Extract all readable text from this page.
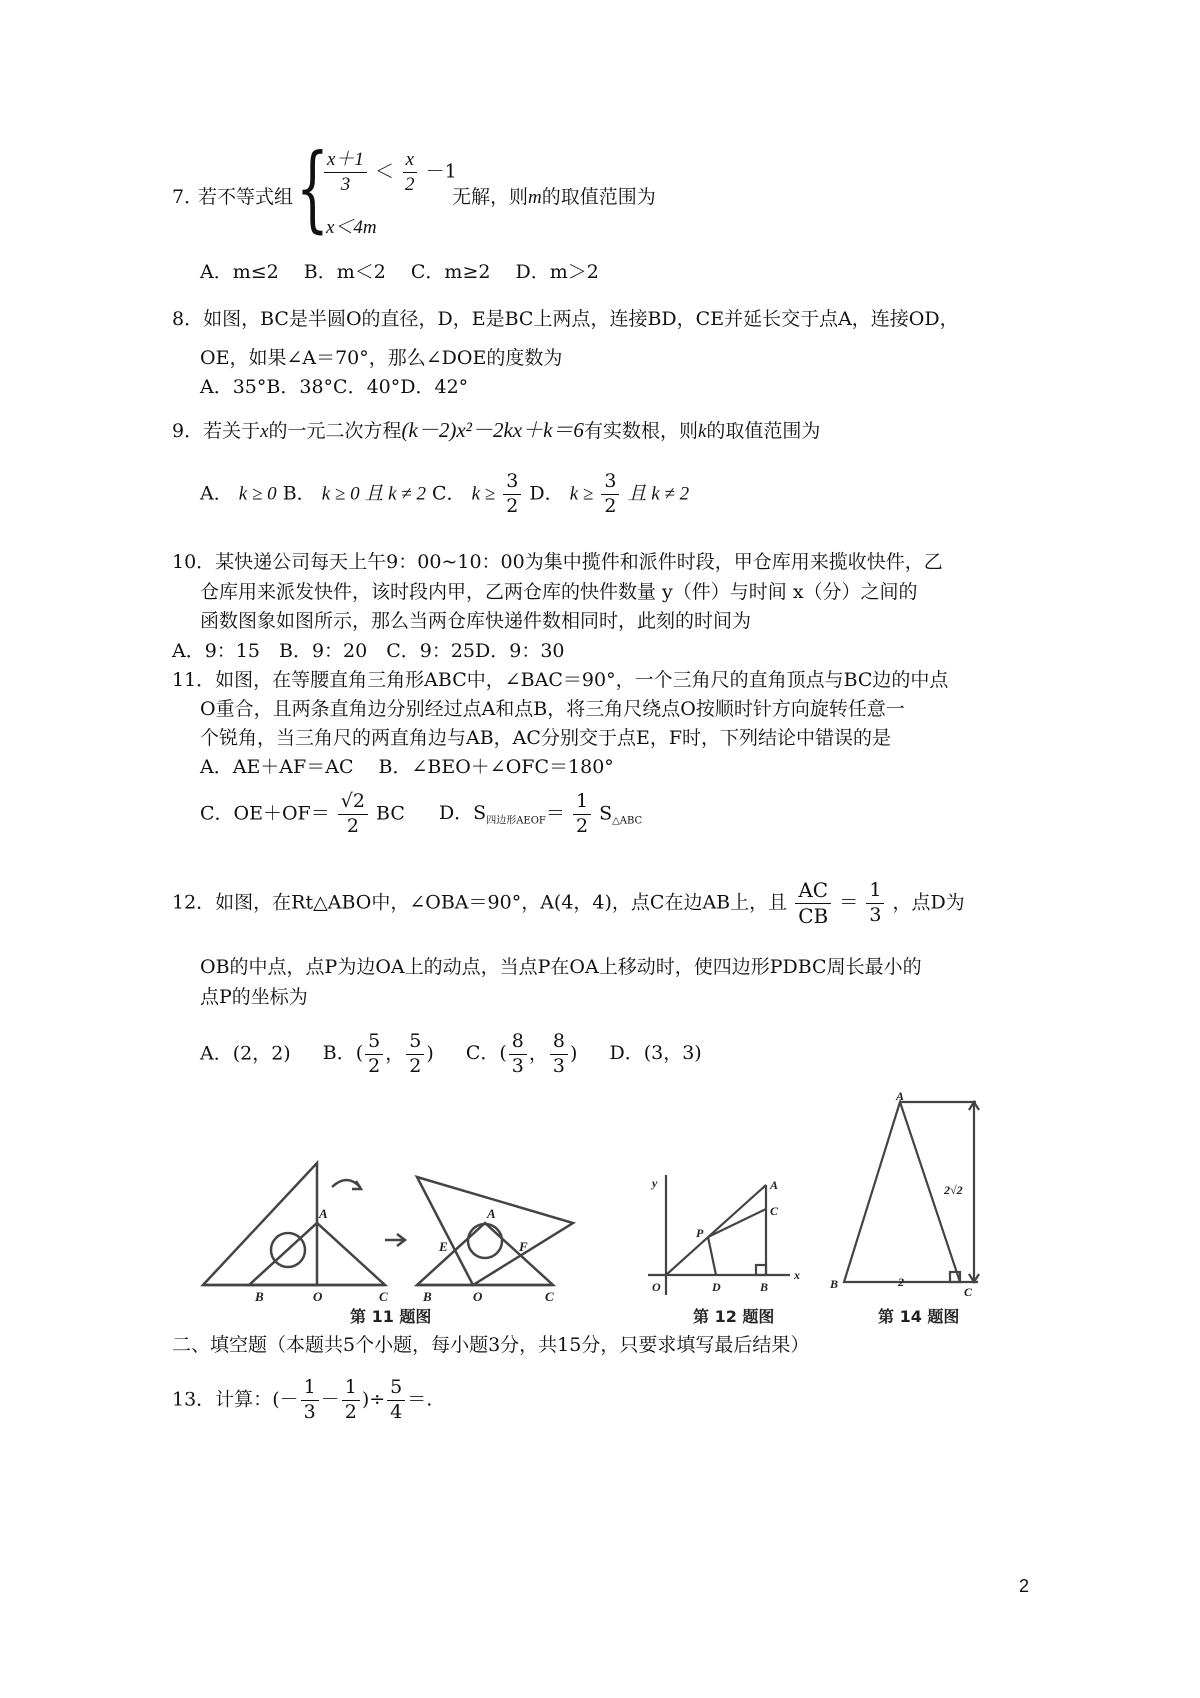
7．
若不等式组 {
$\frac{x+1}{3} < \frac{x}{2} -1$
x＜4m
无解，则m的取值范围为
A．m≤2　 B．m＜2　 C．m≥2　 D．m＞2
8．如图，BC是半圆O的直径，D，E是BC上两点，连接BD，CE并延长交于点A，连接OD，
OE，如果∠A＝70°，那么∠DOE的度数为
A．35°B．38°C．40°D．42°
9．若关于x的一元二次方程(k－2)x²－2kx＋k＝6有实数根，则k的取值范围为
A． k ≥ 0 B． k ≥ 0 且 k ≠ 2 C． $k \ge \frac{3}{2}$ D． $k \ge \frac{3}{2}$ 且 k ≠ 2
10．某快递公司每天上午9：00~10：00为集中揽件和派件时段，甲仓库用来揽收快件，乙
仓库用来派发快件，该时段内甲，乙两仓库的快件数量 y（件）与时间 x（分）之间的
函数图象如图所示，那么当两仓库快递件数相同时，此刻的时间为
A．9：15　B．9：20　C．9：25D．9：30
11．如图，在等腰直角三角形ABC中，∠BAC＝90°，一个三角尺的直角顶点与BC边的中点
O重合，且两条直角边分别经过点A和点B，将三角尺绕点O按顺时针方向旋转任意一
个锐角，当三角尺的两直角边与AB，AC分别交于点E，F时，下列结论中错误的是
A．AE＋AF＝AC　 B．∠BEO＋∠OFC＝180°
C．$OE+OF= \frac{√2}{2}$ BC D．$S_{四边形AEOF}= \frac{1}{2} S_{\triangle ABC}$
12．如图，在Rt△ABO中，∠OBA＝90°，A(4，4)，点C在边AB上，且 $\frac{AC}{CB} = \frac{1}{3}$ ，点D为
OB的中点，点P为边OA上的动点，当点P在OA上移动时，使四边形PDBC周长最小的
点P的坐标为
A．(2，2) B．( $\frac{5}{2}$ ， $\frac{5}{2}$ ) C．( $\frac{8}{3}$ ， $\frac{8}{3}$ ) D．(3，3)
A
B	O	C
A
E	F
B	O	C
第 11 题图
y
x
O
A
C
P
D	B
第 12 题图
A
B
C
2√2
2
第 14 题图
二、填空题（本题共5个小题，每小题3分，共15分，只要求填写最后结果）
13．计算：(－ $\frac{1}{3} - \frac{1}{2}$ )÷ $\frac{5}{4}$ ＝.
2
